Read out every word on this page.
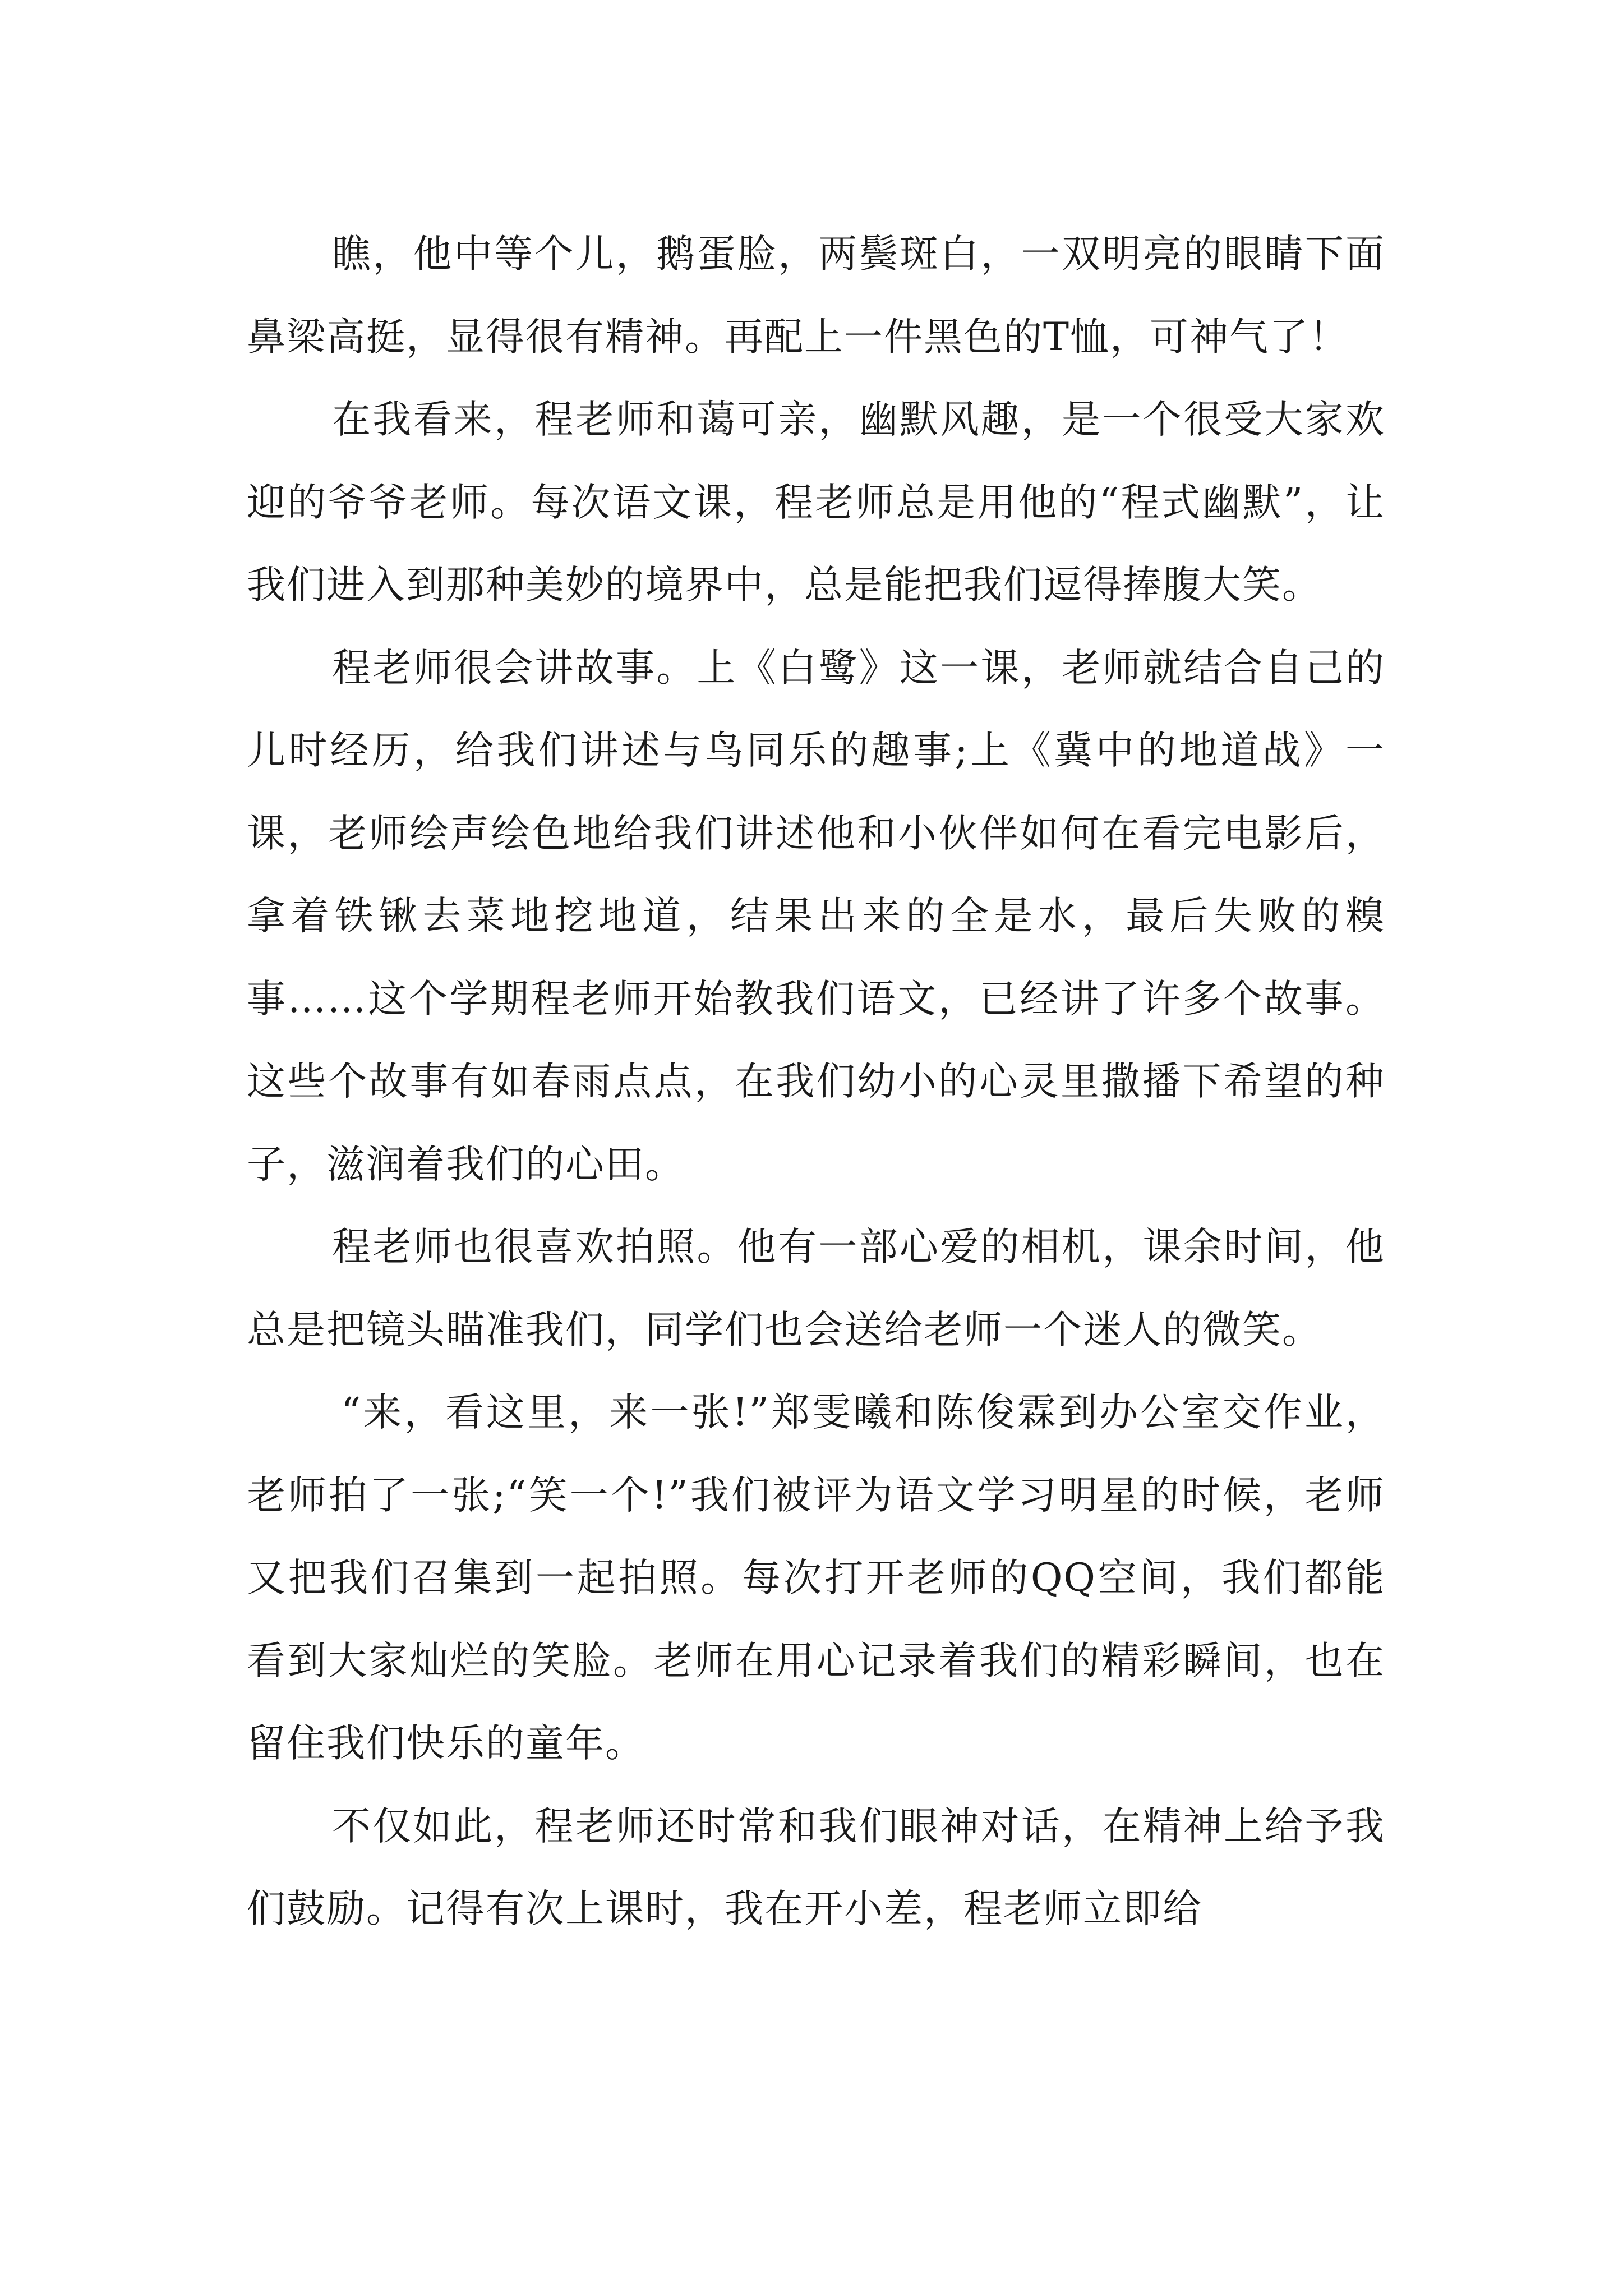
瞧，他中等个儿，鹅蛋脸，两鬓斑白，一双明亮的眼睛下面鼻梁高挺，显得很有精神。再配上一件黑色的T恤，可神气了！

在我看来，程老师和蔼可亲，幽默风趣，是一个很受大家欢迎的爷爷老师。每次语文课，程老师总是用他的“程式幽默”，让我们进入到那种美妙的境界中，总是能把我们逗得捧腹大笑。

程老师很会讲故事。上《白鹭》这一课，老师就结合自己的儿时经历，给我们讲述与鸟同乐的趣事;上《冀中的地道战》一课，老师绘声绘色地给我们讲述他和小伙伴如何在看完电影后，拿着铁锹去菜地挖地道，结果出来的全是水，最后失败的糗事……这个学期程老师开始教我们语文，已经讲了许多个故事。这些个故事有如春雨点点，在我们幼小的心灵里撒播下希望的种子，滋润着我们的心田。

程老师也很喜欢拍照。他有一部心爱的相机，课余时间，他总是把镜头瞄准我们，同学们也会送给老师一个迷人的微笑。

“来，看这里，来一张!”郑雯曦和陈俊霖到办公室交作业，老师拍了一张;“笑一个!”我们被评为语文学习明星的时候，老师又把我们召集到一起拍照。每次打开老师的QQ空间，我们都能看到大家灿烂的笑脸。老师在用心记录着我们的精彩瞬间，也在留住我们快乐的童年。

不仅如此，程老师还时常和我们眼神对话，在精神上给予我们鼓励。记得有次上课时，我在开小差，程老师立即给
